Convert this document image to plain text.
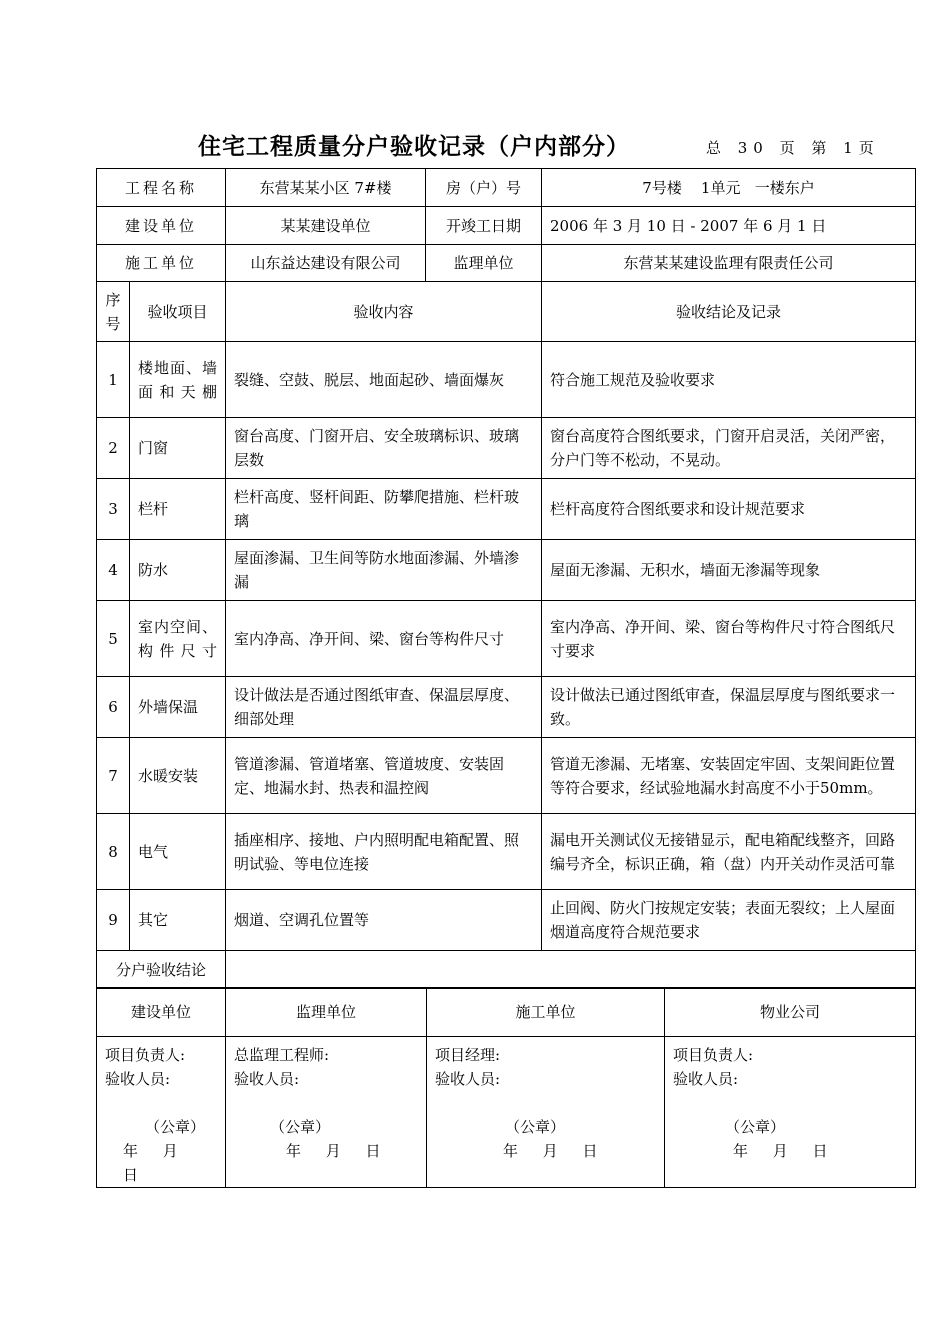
住宅工程质量分户验收记录（户内部分）	总 30 页 第 1页
工程名称		东营某某小区 7#楼	房（户）号	7号楼    1单元   一楼东户
建设单位		某某建设单位	开竣工日期	2006 年 3 月 10 日 - 2007 年 6 月 1 日
施工单位		山东益达建设有限公司	监理单位	东营某某建设监理有限责任公司
序号	验收项目	验收内容		验收结论及记录
1	楼地面、墙面和天棚	裂缝、空鼓、脱层、地面起砂、墙面爆灰		符合施工规范及验收要求
2	门窗	窗台高度、门窗开启、安全玻璃标识、玻璃层数		窗台高度符合图纸要求，门窗开启灵活，关闭严密，分户门等不松动，不晃动。
3	栏杆	栏杆高度、竖杆间距、防攀爬措施、栏杆玻璃		栏杆高度符合图纸要求和设计规范要求
4	防水	屋面渗漏、卫生间等防水地面渗漏、外墙渗漏		屋面无渗漏、无积水，墙面无渗漏等现象
5	室内空间、构件尺寸	室内净高、净开间、梁、窗台等构件尺寸		室内净高、净开间、梁、窗台等构件尺寸符合图纸尺寸要求
6	外墙保温	设计做法是否通过图纸审查、保温层厚度、细部处理		设计做法已通过图纸审查，保温层厚度与图纸要求一致。
7	水暖安装	管道渗漏、管道堵塞、管道坡度、安装固定、地漏水封、热表和温控阀		管道无渗漏、无堵塞、安装固定牢固、支架间距位置等符合要求，经试验地漏水封高度不小于50mm。
8	电气	插座相序、接地、户内照明配电箱配置、照明试验、等电位连接		漏电开关测试仪无接错显示，配电箱配线整齐，回路编号齐全，标识正确，箱（盘）内开关动作灵活可靠
9	其它	烟道、空调孔位置等		止回阀、防火门按规定安装；表面无裂纹；上人屋面烟道高度符合规范要求
分户验收结论				
建设单位	监理单位	施工单位	物业公司

项目负责人:
验收人员:
（公章）
年 月 日	总监理工程师:
验收人员:
（公章）
年 月 日	项目经理:
验收人员:
（公章）
年 月 日	项目负责人:
验收人员:
（公章）
年 月 日
